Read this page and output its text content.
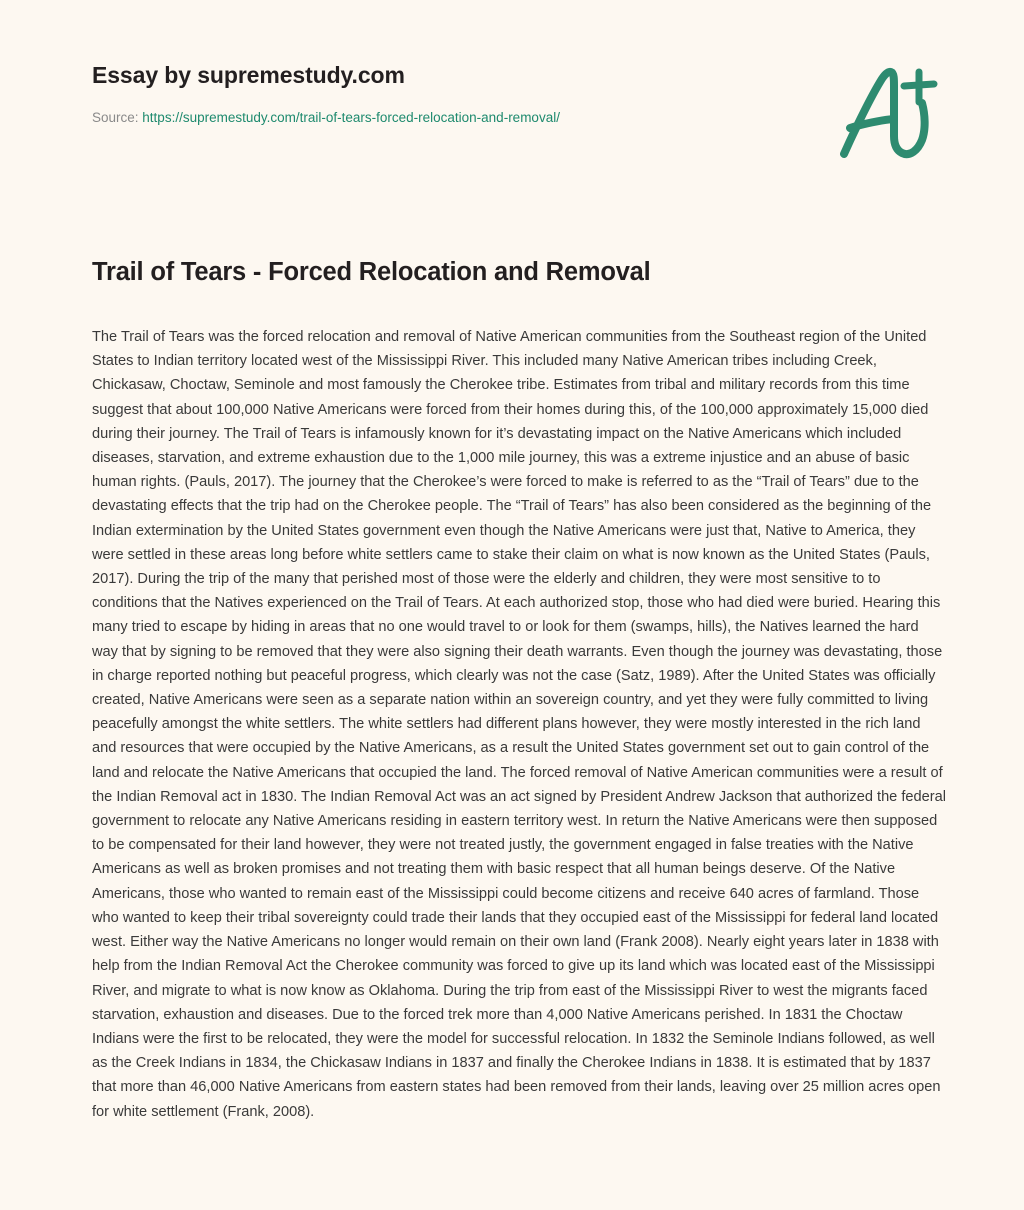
Essay by supremestudy.com
Source: https://supremestudy.com/trail-of-tears-forced-relocation-and-removal/
Trail of Tears - Forced Relocation and Removal

The Trail of Tears was the forced relocation and removal of Native American communities from the Southeast region of the United States to Indian territory located west of the Mississippi River. This included many Native American tribes including Creek, Chickasaw, Choctaw, Seminole and most famously the Cherokee tribe. Estimates from tribal and military records from this time suggest that about 100,000 Native Americans were forced from their homes during this, of the 100,000 approximately 15,000 died during their journey. The Trail of Tears is infamously known for it’s devastating impact on the Native Americans which included diseases, starvation, and extreme exhaustion due to the 1,000 mile journey, this was a extreme injustice and an abuse of basic human rights. (Pauls, 2017). The journey that the Cherokee’s were forced to make is referred to as the “Trail of Tears” due to the devastating effects that the trip had on the Cherokee people. The “Trail of Tears” has also been considered as the beginning of the Indian extermination by the United States government even though the Native Americans were just that, Native to America, they were settled in these areas long before white settlers came to stake their claim on what is now known as the United States (Pauls, 2017). During the trip of the many that perished most of those were the elderly and children, they were most sensitive to to conditions that the Natives experienced on the Trail of Tears. At each authorized stop, those who had died were buried. Hearing this many tried to escape by hiding in areas that no one would travel to or look for them (swamps, hills), the Natives learned the hard way that by signing to be removed that they were also signing their death warrants. Even though the journey was devastating, those in charge reported nothing but peaceful progress, which clearly was not the case (Satz, 1989). After the United States was officially created, Native Americans were seen as a separate nation within an sovereign country, and yet they were fully committed to living peacefully amongst the white settlers. The white settlers had different plans however, they were mostly interested in the rich land and resources that were occupied by the Native Americans, as a result the United States government set out to gain control of the land and relocate the Native Americans that occupied the land. The forced removal of Native American communities were a result of the Indian Removal act in 1830. The Indian Removal Act was an act signed by President Andrew Jackson that authorized the federal government to relocate any Native Americans residing in eastern territory west. In return the Native Americans were then supposed to be compensated for their land however, they were not treated justly, the government engaged in false treaties with the Native Americans as well as broken promises and not treating them with basic respect that all human beings deserve. Of the Native Americans, those who wanted to remain east of the Mississippi could become citizens and receive 640 acres of farmland. Those who wanted to keep their tribal sovereignty could trade their lands that they occupied east of the Mississippi for federal land located west. Either way the Native Americans no longer would remain on their own land (Frank 2008). Nearly eight years later in 1838 with help from the Indian Removal Act the Cherokee community was forced to give up its land which was located east of the Mississippi River, and migrate to what is now know as Oklahoma. During the trip from east of the Mississippi River to west the migrants faced starvation, exhaustion and diseases. Due to the forced trek more than 4,000 Native Americans perished. In 1831 the Choctaw Indians were the first to be relocated, they were the model for successful relocation. In 1832 the Seminole Indians followed, as well as the Creek Indians in 1834, the Chickasaw Indians in 1837 and finally the Cherokee Indians in 1838. It is estimated that by 1837 that more than 46,000 Native Americans from eastern states had been removed from their lands, leaving over 25 million acres open for white settlement (Frank, 2008).
